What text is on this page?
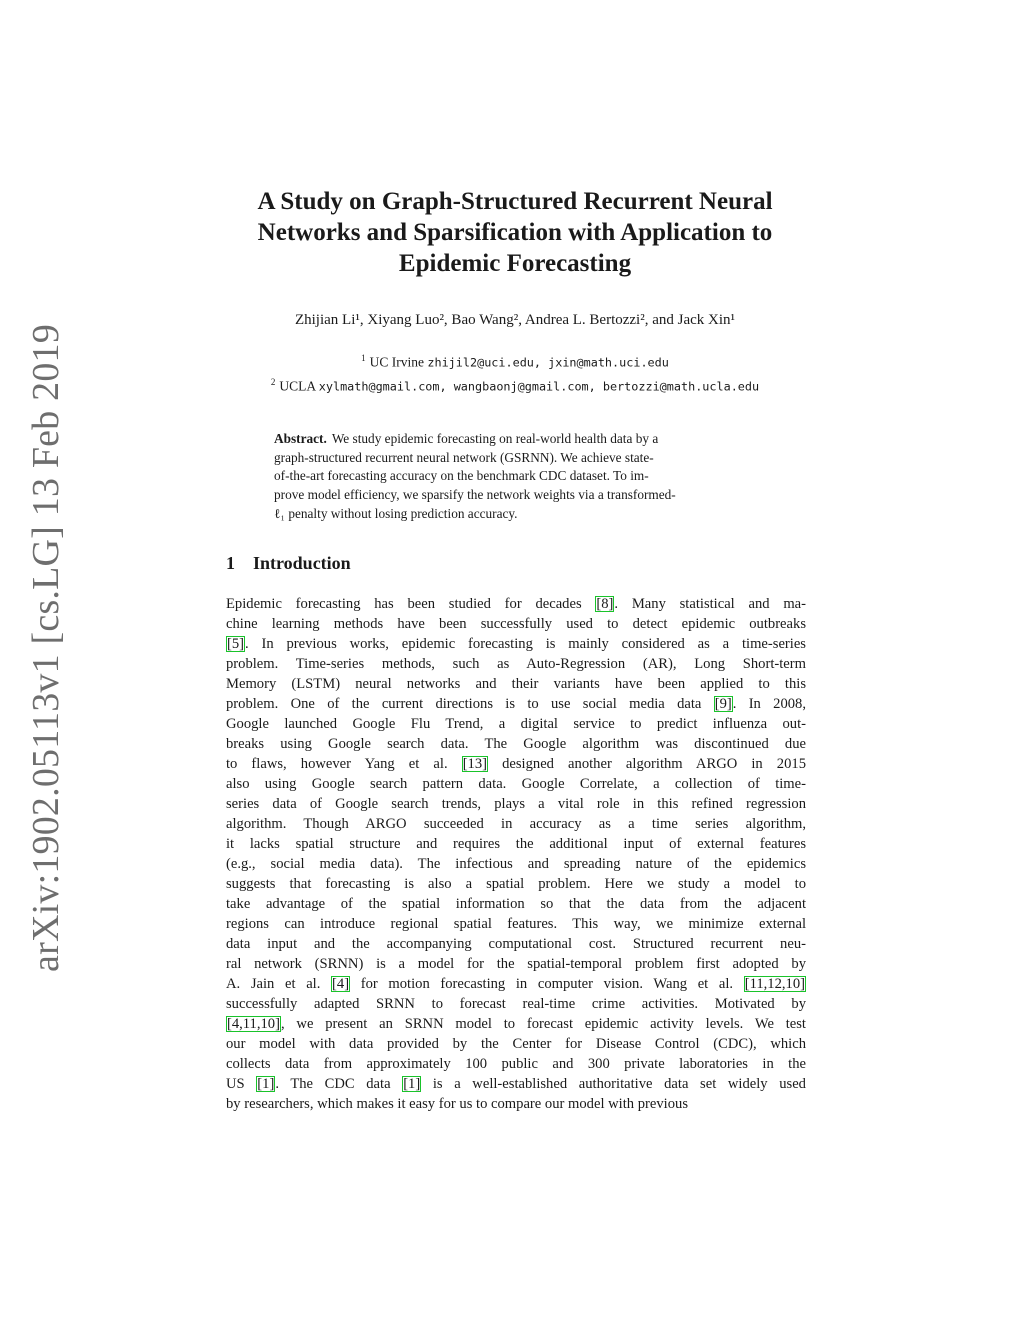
arXiv:1902.05113v1 [cs.LG] 13 Feb 2019
A Study on Graph-Structured Recurrent Neural
Networks and Sparsification with Application to
Epidemic Forecasting
Zhijian Li¹, Xiyang Luo², Bao Wang², Andrea L. Bertozzi², and Jack Xin¹
$^1$ UC Irvine zhijil2@uci.edu, jxin@math.uci.edu
$^2$ UCLA xylmath@gmail.com, wangbaonj@gmail.com, bertozzi@math.ucla.edu
Abstract. We study epidemic forecasting on real-world health data by a
graph-structured recurrent neural network (GSRNN). We achieve state-
of-the-art forecasting accuracy on the benchmark CDC dataset. To im-
prove model efficiency, we sparsify the network weights via a transformed-
ℓ₁ penalty without losing prediction accuracy.
1 Introduction
Epidemic forecasting has been studied for decades [8]. Many statistical and ma-
chine learning methods have been successfully used to detect epidemic outbreaks
[5]. In previous works, epidemic forecasting is mainly considered as a time-series
problem. Time-series methods, such as Auto-Regression (AR), Long Short-term
Memory (LSTM) neural networks and their variants have been applied to this
problem. One of the current directions is to use social media data [9]. In 2008,
Google launched Google Flu Trend, a digital service to predict influenza out-
breaks using Google search data. The Google algorithm was discontinued due
to flaws, however Yang et al. [13] designed another algorithm ARGO in 2015
also using Google search pattern data. Google Correlate, a collection of time-
series data of Google search trends, plays a vital role in this refined regression
algorithm. Though ARGO succeeded in accuracy as a time series algorithm,
it lacks spatial structure and requires the additional input of external features
(e.g., social media data). The infectious and spreading nature of the epidemics
suggests that forecasting is also a spatial problem. Here we study a model to
take advantage of the spatial information so that the data from the adjacent
regions can introduce regional spatial features. This way, we minimize external
data input and the accompanying computational cost. Structured recurrent neu-
ral network (SRNN) is a model for the spatial-temporal problem first adopted by
A. Jain et al. [4] for motion forecasting in computer vision. Wang et al. [11,12,10]
successfully adapted SRNN to forecast real-time crime activities. Motivated by
[4,11,10], we present an SRNN model to forecast epidemic activity levels. We test
our model with data provided by the Center for Disease Control (CDC), which
collects data from approximately 100 public and 300 private laboratories in the
US [1]. The CDC data [1] is a well-established authoritative data set widely used
by researchers, which makes it easy for us to compare our model with previous
